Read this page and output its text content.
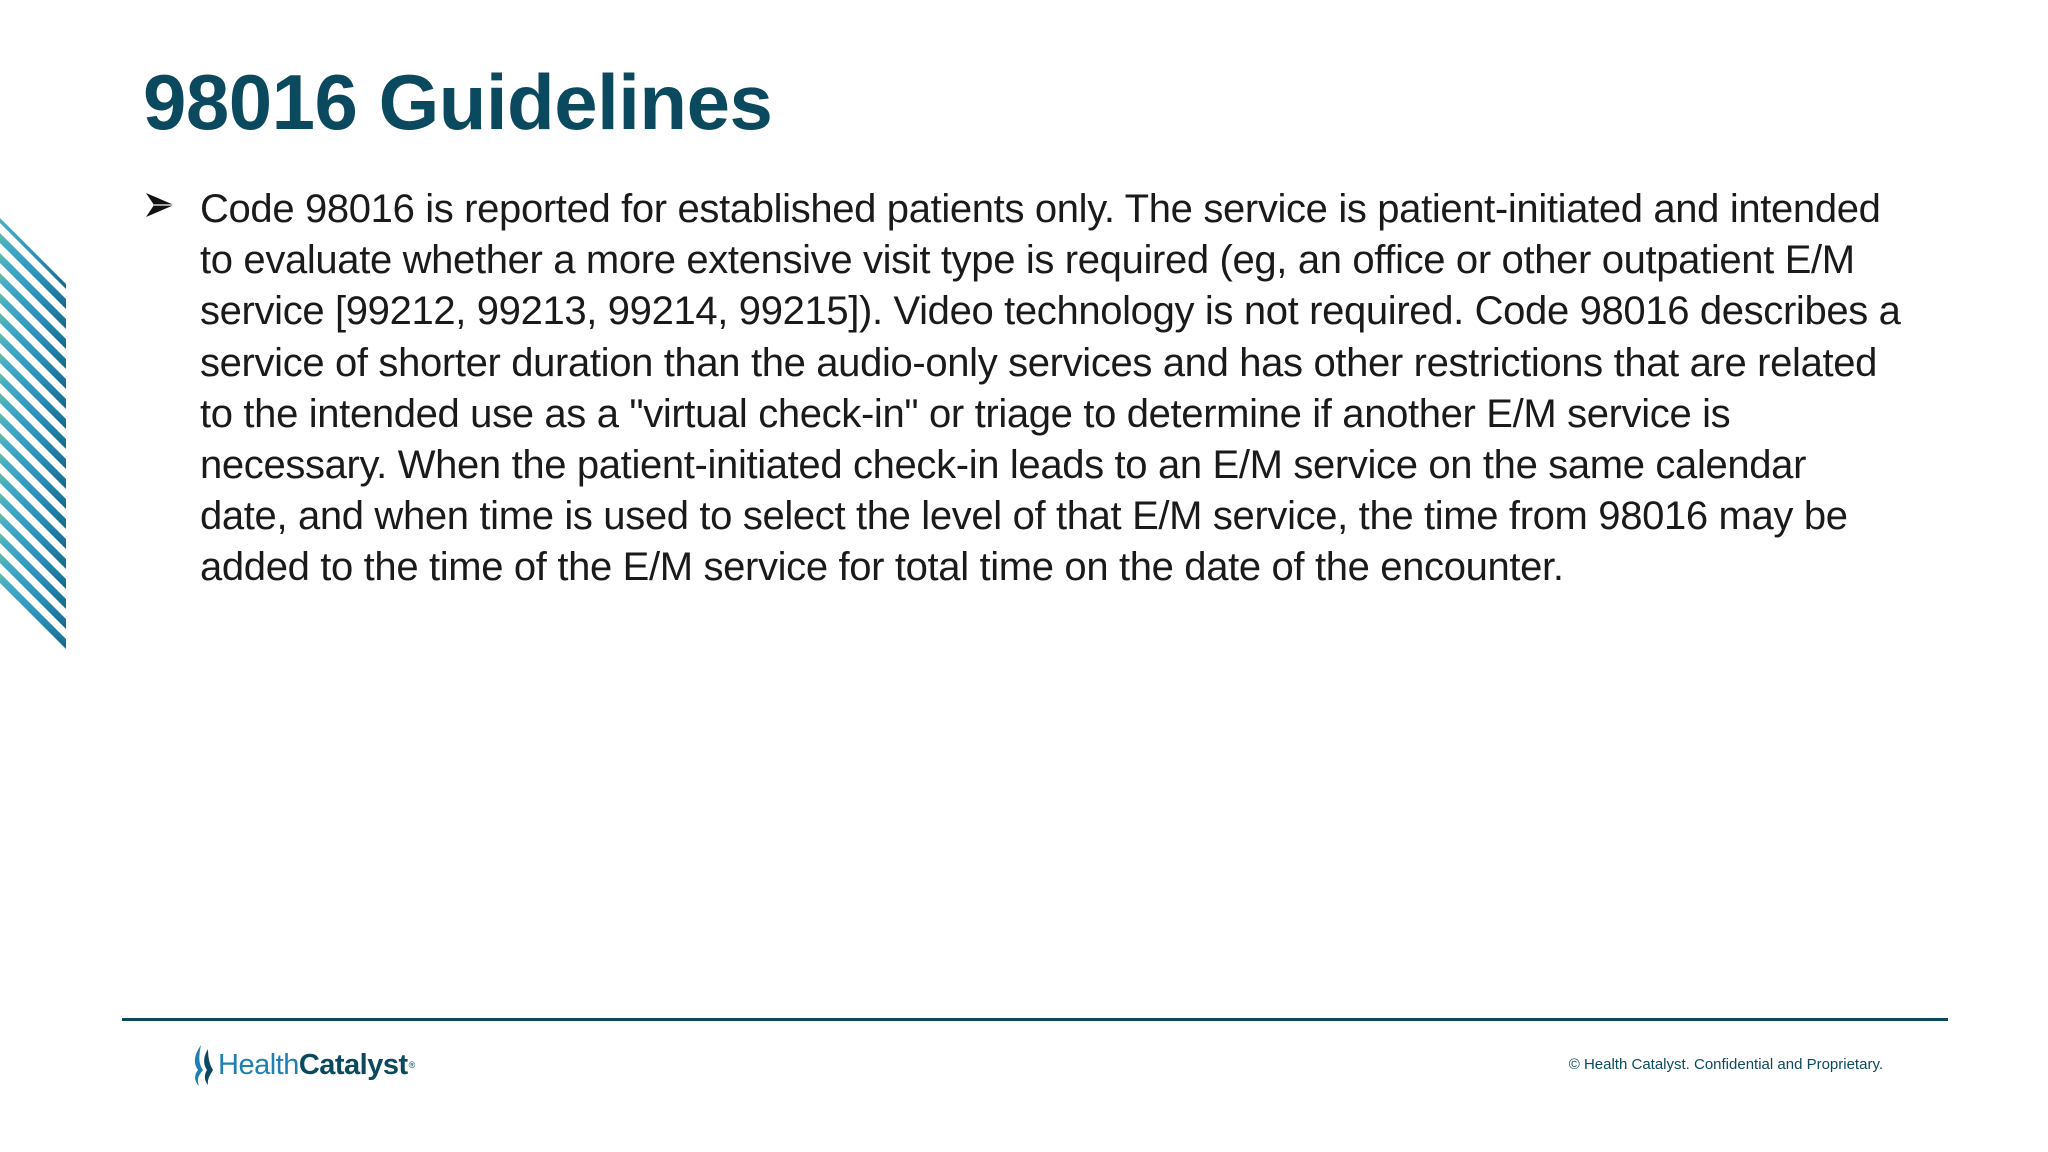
98016 Guidelines
Code 98016 is reported for established patients only. The service is patient-initiated and intended to evaluate whether a more extensive visit type is required (eg, an office or other outpatient E/M service [99212, 99213, 99214, 99215]). Video technology is not required. Code 98016 describes a service of shorter duration than the audio-only services and has other restrictions that are related to the intended use as a "virtual check-in" or triage to determine if another E/M service is necessary. When the patient-initiated check-in leads to an E/M service on the same calendar date, and when time is used to select the level of that E/M service, the time from 98016 may be added to the time of the E/M service for total time on the date of the encounter.
Health Catalyst ®	© Health Catalyst. Confidential and Proprietary.
